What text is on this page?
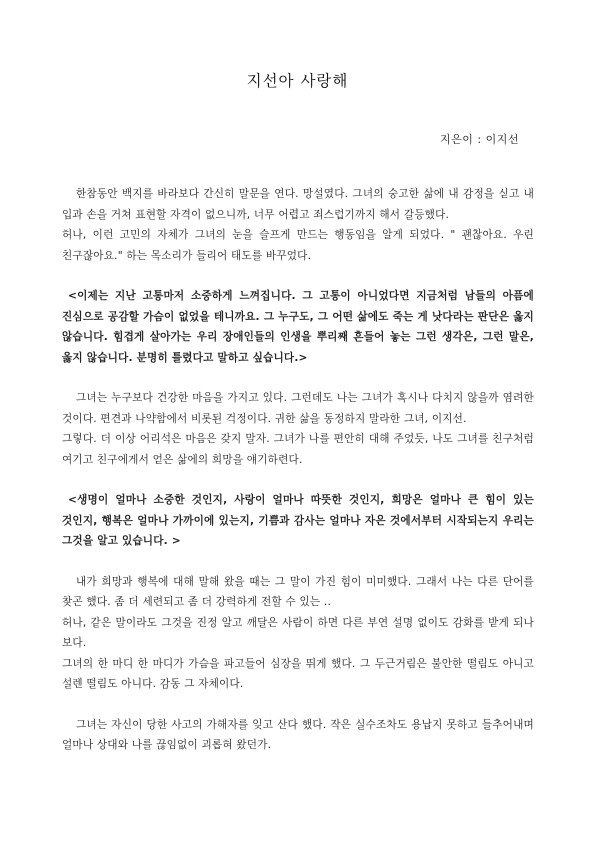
지선아 사랑해
지은이 : 이지선

한참동안 백지를 바라보다 간신히 말문을 연다. 망설였다. 그녀의 숭고한 삶에 내 감정을 싣고 내 입과 손을 거쳐 표현할 자격이 없으니까, 너무 어렵고 죄스럽기까지 해서 갈등했다.

허나, 이런 고민의 자체가 그녀의 눈을 슬프게 만드는 행동임을 알게 되었다. " 괜찮아요. 우린 친구잖아요." 하는 목소리가 들리어 태도를 바꾸었다.

<이제는 지난 고통마저 소중하게 느껴집니다. 그 고통이 아니었다면 지금처럼 남들의 아픔에 진심으로 공감할 가슴이 없었을 테니까요. 그 누구도, 그 어떤 삶에도 죽는 게 낫다라는 판단은 옳지 않습니다. 힘겹게 살아가는 우리 장애인들의 인생을 뿌리째 흔들어 놓는 그런 생각은, 그런 말은, 옳지 않습니다. 분명히 틀렸다고 말하고 싶습니다.>

그녀는 누구보다 건강한 마음을 가지고 있다. 그런데도 나는 그녀가 혹시나 다치지 않을까 염려한 것이다. 편견과 나약함에서 비롯된 걱정이다. 귀한 삶을 동정하지 말라한 그녀, 이지선.

그렇다. 더 이상 어리석은 마음은 갖지 말자. 그녀가 나를 편안히 대해 주었듯, 나도 그녀를 친구처럼 여기고 친구에게서 얻은 삶에의 희망을 얘기하련다.

<생명이 얼마나 소중한 것인지, 사랑이 얼마나 따뜻한 것인지, 희망은 얼마나 큰 힘이 있는 것인지, 행복은 얼마나 가까이에 있는지, 기쁨과 감사는 얼마나 자은 것에서부터 시작되는지 우리는 그것을 알고 있습니다. >

내가 희망과 행복에 대해 말해 왔을 때는 그 말이 가진 힘이 미미했다. 그래서 나는 다른 단어를 찾곤 했다. 좀 더 세련되고 좀 더 강력하게 전할 수 있는 ..

허나, 같은 말이라도 그것을 진정 알고 깨달은 사람이 하면 다른 부연 설명 없이도 감화를 받게 되나 보다.

그녀의 한 마디 한 마디가 가슴을 파고들어 심장을 뛰게 했다. 그 두근거림은 불안한 떨림도 아니고 설렌 떨림도 아니다. 감동 그 자체이다.

그녀는 자신이 당한 사고의 가해자를 잊고 산다 했다. 작은 실수조차도 용납지 못하고 들추어내며 얼마나 상대와 나를 끊임없이 괴롭혀 왔던가.
